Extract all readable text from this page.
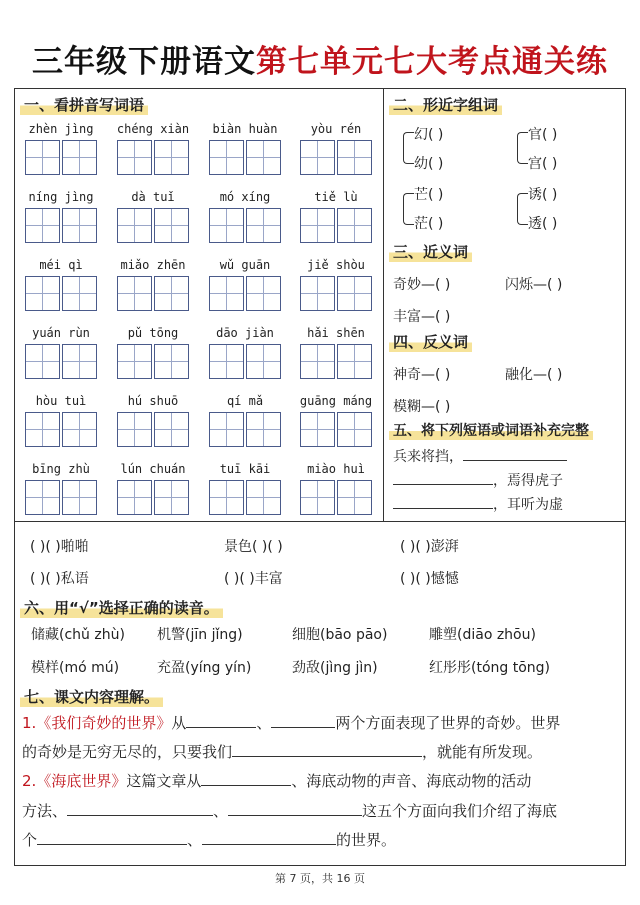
三年级下册语文第七单元七大考点通关练
一、看拼音写词语
zhèn jìng	chéng xiàn	biàn huàn	yòu rén
níng jìng	dà tuǐ	mó xíng	tiě lù
méi qì	miǎo zhēn	wǔ guān	jiě shòu
yuán rùn	pǔ tōng	dāo jiàn	hǎi shēn
hòu tuì	hú shuō	qí mǎ	guāng máng
bīng zhù	lún chuán	tuī kāi	miào huì
二、形近字组词
幻( )
幼( )
官( )
宫( )
芒( )
茫( )
诱( )
透( )
三、近义词
奇妙—( )	闪烁—( )
丰富—( )
四、反义词
神奇—( )	融化—( )
模糊—( )
五、将下列短语或词语补充完整
兵来将挡，
，焉得虎子
，耳听为虚
( )( )啪啪	景色( )( )	( )( )澎湃
( )( )私语	( )( )丰富	( )( )憾憾
六、用“√”选择正确的读音。
储藏(chǔ zhù) 机警(jīn jǐng)	细胞(bāo pāo)	雕塑(diāo zhōu)
模样(mó mú)	充盈(yíng yín)	劲敌(jìng jìn)	红彤彤(tóng tōng)
七、课文内容理解。
1.《我们奇妙的世界》从	、	两个方面表现了世界的奇妙。世界
的奇妙是无穷无尽的，只要我们	，就能有所发现。
2.《海底世界》这篇文章从	、海底动物的声音、海底动物的活动
方法、	、	这五个方面向我们介绍了海底
个	、	的世界。
第 7 页，共 16 页
